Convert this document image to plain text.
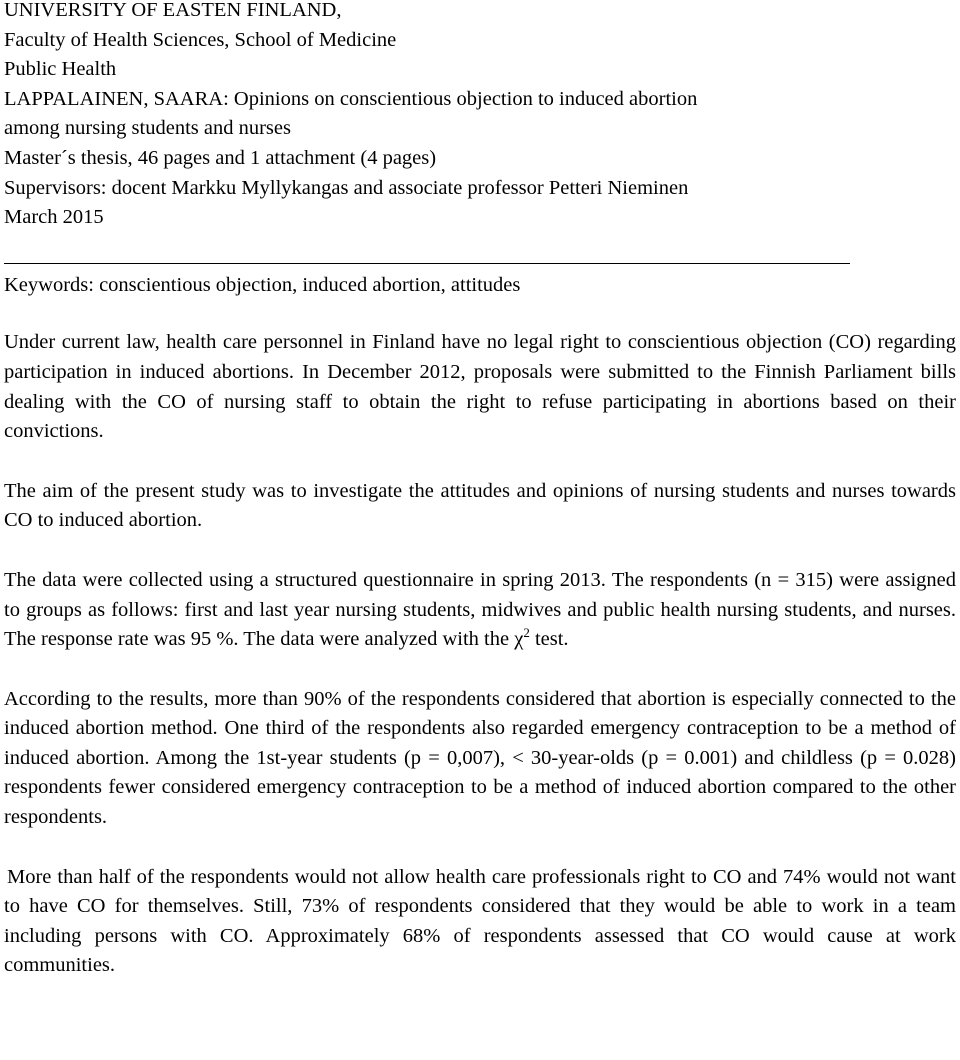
UNIVERSITY OF EASTEN FINLAND,

Faculty of Health Sciences, School of Medicine

Public Health

LAPPALAINEN, SAARA: Opinions on conscientious objection to induced abortion

among nursing students and nurses

Master´s thesis, 46 pages and 1 attachment (4 pages)

Supervisors: docent Markku Myllykangas and associate professor Petteri Nieminen

March 2015

Keywords: conscientious objection, induced abortion, attitudes

Under current law, health care personnel in Finland have no legal right to conscientious objection (CO) regarding participation in induced abortions. In December 2012, proposals were submitted to the Finnish Parliament bills dealing with the CO of nursing staff to obtain the right to refuse participating in abortions based on their convictions.

The aim of the present study was to investigate the attitudes and opinions of nursing students and nurses towards CO to induced abortion.

The data were collected using a structured questionnaire in spring 2013. The respondents (n = 315) were assigned to groups as follows: first and last year nursing students, midwives and public health nursing students, and nurses. The response rate was 95 %. The data were analyzed with the $\chi^2$ test.

According to the results, more than 90% of the respondents considered that abortion is especially connected to the induced abortion method. One third of the respondents also regarded emergency contraception to be a method of induced abortion. Among the 1st-year students (p = 0,007), < 30-year-olds (p = 0.001) and childless (p = 0.028) respondents fewer considered emergency contraception to be a method of induced abortion compared to the other respondents.

More than half of the respondents would not allow health care professionals right to CO and 74% would not want to have CO for themselves. Still, 73% of respondents considered that they would be able to work in a team including persons with CO. Approximately 68% of respondents assessed that CO would cause at work communities.
